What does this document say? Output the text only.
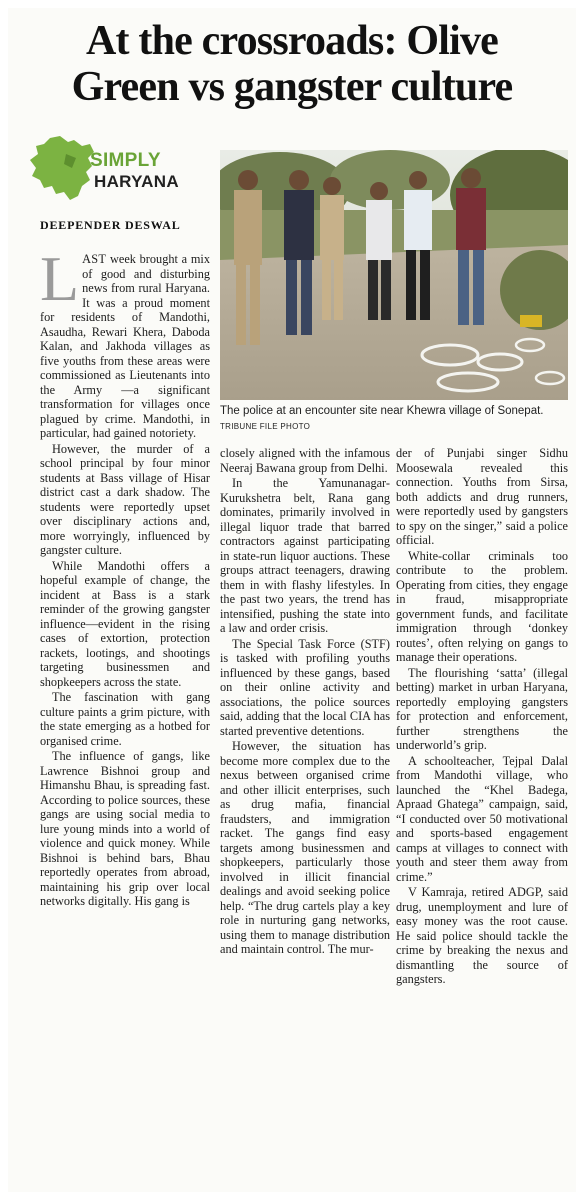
At the crossroads: Olive
Green vs gangster culture
SIMPLY
HARYANA
DEEPENDER DESWAL
The police at an encounter site near Khewra village of Sonepat. TRIBUNE FILE PHOTO

LAST week brought a mix of good and disturbing news from rural Haryana. It was a proud moment for residents of Mandothi, Asaudha, Rewari Khera, Daboda Kalan, and Jakhoda villages as five youths from these areas were commissioned as Lieutenants into the Army —a significant transformation for villages once plagued by crime. Mandothi, in particular, had gained notoriety.

However, the murder of a school principal by four minor students at Bass village of Hisar district cast a dark shadow. The students were reportedly upset over disciplinary actions and, more worryingly, influenced by gangster culture.

While Mandothi offers a hopeful example of change, the incident at Bass is a stark reminder of the growing gangster influence—evident in the rising cases of extortion, protection rackets, lootings, and shootings targeting businessmen and shopkeepers across the state.

The fascination with gang culture paints a grim picture, with the state emerging as a hotbed for organised crime.

The influence of gangs, like Lawrence Bishnoi group and Himanshu Bhau, is spreading fast. According to police sources, these gangs are using social media to lure young minds into a world of violence and quick money. While Bishnoi is behind bars, Bhau reportedly operates from abroad, maintaining his grip over local networks digitally. His gang is

closely aligned with the infamous Neeraj Bawana group from Delhi.

In the Yamunanagar-Kurukshetra belt, Rana gang dominates, primarily involved in illegal liquor trade that barred contractors against participating in state-run liquor auctions. These groups attract teenagers, drawing them in with flashy lifestyles. In the past two years, the trend has intensified, pushing the state into a law and order crisis.

The Special Task Force (STF) is tasked with profiling youths influenced by these gangs, based on their online activity and associations, the police sources said, adding that the local CIA has started preventive detentions.

However, the situation has become more complex due to the nexus between organised crime and other illicit enterprises, such as drug mafia, financial fraudsters, and immigration racket. The gangs find easy targets among businessmen and shopkeepers, particularly those involved in illicit financial dealings and avoid seeking police help. “The drug cartels play a key role in nurturing gang networks, using them to manage distribution and maintain control. The mur-

der of Punjabi singer Sidhu Moosewala revealed this connection. Youths from Sirsa, both addicts and drug runners, were reportedly used by gangsters to spy on the singer,” said a police official.

White-collar criminals too contribute to the problem. Operating from cities, they engage in fraud, misappropriate government funds, and facilitate immigration through ‘donkey routes’, often relying on gangs to manage their operations.

The flourishing ‘satta’ (illegal betting) market in urban Haryana, reportedly employing gangsters for protection and enforcement, further strengthens the underworld’s grip.

A schoolteacher, Tejpal Dalal from Mandothi village, who launched the “Khel Badega, Apraad Ghatega” campaign, said, “I conducted over 50 motivational and sports-based engagement camps at villages to connect with youth and steer them away from crime.”

V Kamraja, retired ADGP, said drug, unemployment and lure of easy money was the root cause. He said police should tackle the crime by breaking the nexus and dismantling the source of gangsters.
